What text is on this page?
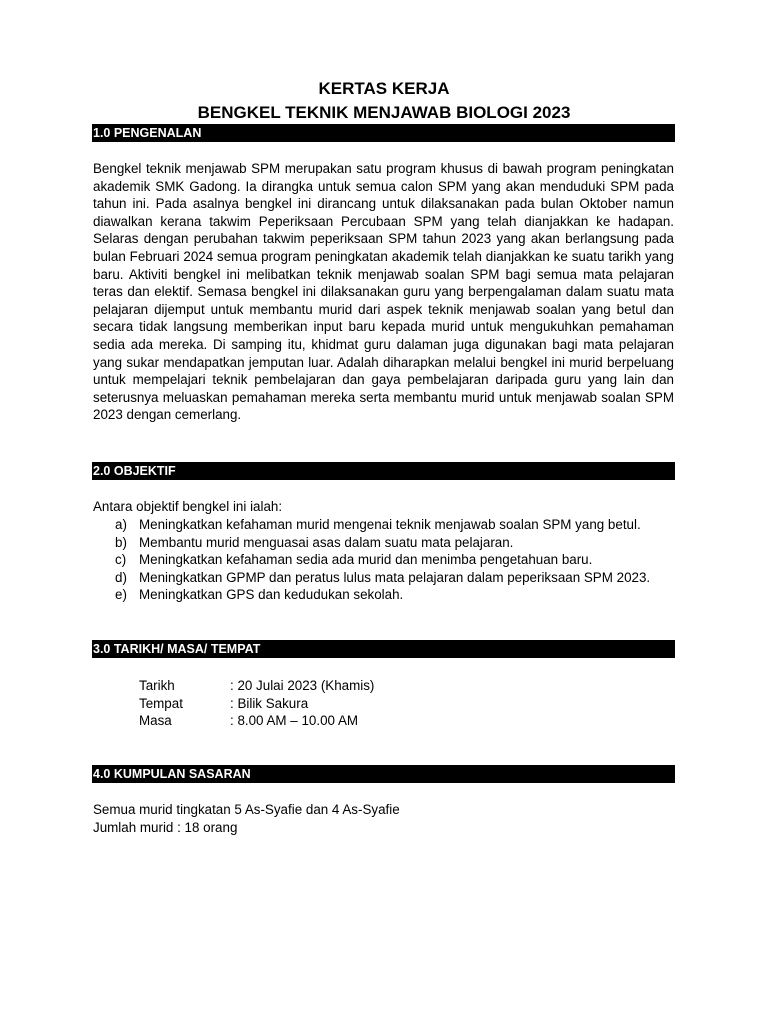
KERTAS KERJA
BENGKEL TEKNIK MENJAWAB BIOLOGI 2023
1.0 PENGENALAN
Bengkel teknik menjawab SPM merupakan satu program khusus di bawah program peningkatan akademik SMK Gadong. Ia dirangka untuk semua calon SPM yang akan menduduki SPM pada tahun ini. Pada asalnya bengkel ini dirancang untuk dilaksanakan pada bulan Oktober namun diawalkan kerana takwim Peperiksaan Percubaan SPM yang telah dianjakkan ke hadapan. Selaras dengan perubahan takwim peperiksaan SPM tahun 2023 yang akan berlangsung pada bulan Februari 2024 semua program peningkatan akademik telah dianjakkan ke suatu tarikh yang baru. Aktiviti bengkel ini melibatkan teknik menjawab soalan SPM bagi semua mata pelajaran teras dan elektif. Semasa bengkel ini dilaksanakan guru yang berpengalaman dalam suatu mata pelajaran dijemput untuk membantu murid dari aspek teknik menjawab soalan yang betul dan secara tidak langsung memberikan input baru kepada murid untuk mengukuhkan pemahaman sedia ada mereka. Di samping itu, khidmat guru dalaman juga digunakan bagi mata pelajaran yang sukar mendapatkan jemputan luar. Adalah diharapkan melalui bengkel ini murid berpeluang untuk mempelajari teknik pembelajaran dan gaya pembelajaran daripada guru yang lain dan seterusnya meluaskan pemahaman mereka serta membantu murid untuk menjawab soalan SPM 2023 dengan cemerlang.
2.0 OBJEKTIF
Antara objektif bengkel ini ialah:
a) Meningkatkan kefahaman murid mengenai teknik menjawab soalan SPM yang betul.
b) Membantu murid menguasai asas dalam suatu mata pelajaran.
c) Meningkatkan kefahaman sedia ada murid dan menimba pengetahuan baru.
d) Meningkatkan GPMP dan peratus lulus mata pelajaran dalam peperiksaan SPM 2023.
e) Meningkatkan GPS dan kedudukan sekolah.
3.0 TARIKH/ MASA/ TEMPAT
Tarikh	: 20 Julai 2023 (Khamis)
Tempat	: Bilik Sakura
Masa	: 8.00 AM – 10.00 AM
4.0 KUMPULAN SASARAN
Semua murid tingkatan 5 As-Syafie dan 4 As-Syafie
Jumlah murid : 18 orang
